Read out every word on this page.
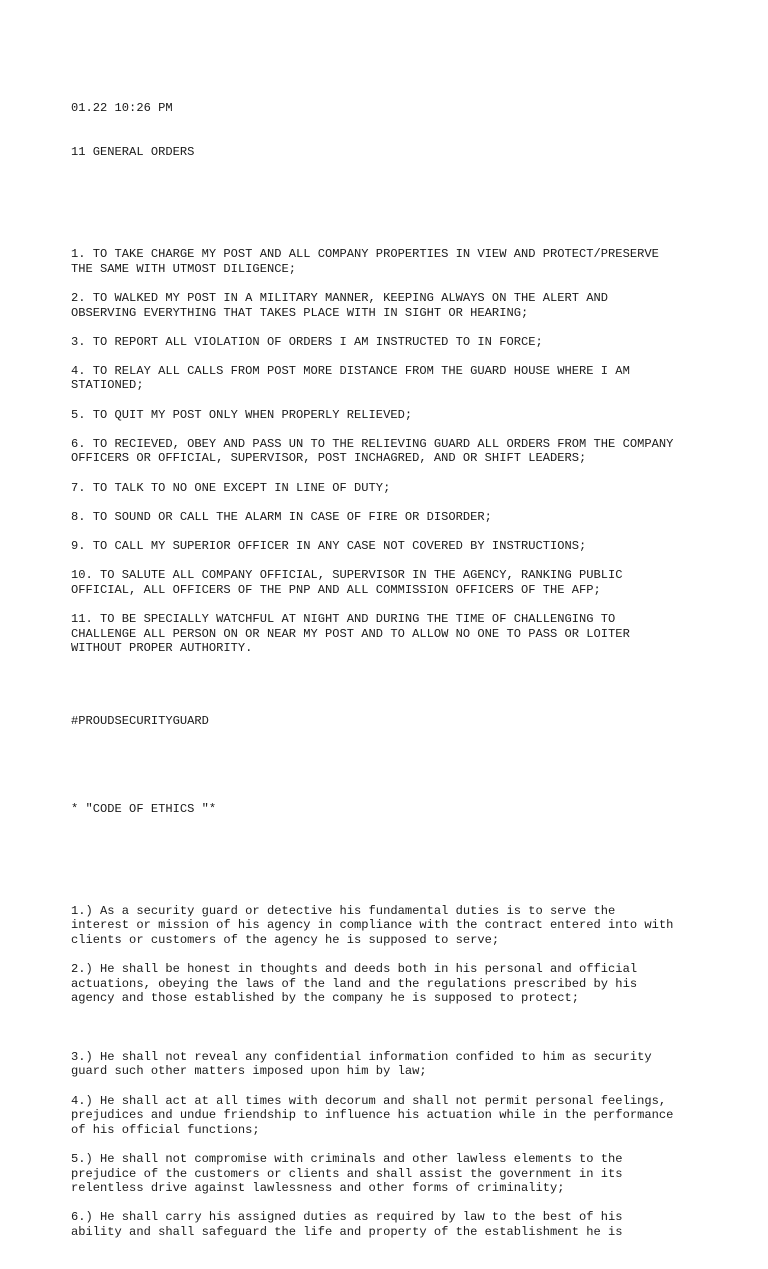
01.22 10:26 PM

11 GENERAL ORDERS

1. TO TAKE CHARGE MY POST AND ALL COMPANY PROPERTIES IN VIEW AND PROTECT/PRESERVE
THE SAME WITH UTMOST DILIGENCE;
2. TO WALKED MY POST IN A MILITARY MANNER, KEEPING ALWAYS ON THE ALERT AND
OBSERVING EVERYTHING THAT TAKES PLACE WITH IN SIGHT OR HEARING;
3. TO REPORT ALL VIOLATION OF ORDERS I AM INSTRUCTED TO IN FORCE;
4. TO RELAY ALL CALLS FROM POST MORE DISTANCE FROM THE GUARD HOUSE WHERE I AM
STATIONED;
5. TO QUIT MY POST ONLY WHEN PROPERLY RELIEVED;
6. TO RECIEVED, OBEY AND PASS UN TO THE RELIEVING GUARD ALL ORDERS FROM THE COMPANY
OFFICERS OR OFFICIAL, SUPERVISOR, POST INCHAGRED, AND OR SHIFT LEADERS;
7. TO TALK TO NO ONE EXCEPT IN LINE OF DUTY;
8. TO SOUND OR CALL THE ALARM IN CASE OF FIRE OR DISORDER;
9. TO CALL MY SUPERIOR OFFICER IN ANY CASE NOT COVERED BY INSTRUCTIONS;
10. TO SALUTE ALL COMPANY OFFICIAL, SUPERVISOR IN THE AGENCY, RANKING PUBLIC
OFFICIAL, ALL OFFICERS OF THE PNP AND ALL COMMISSION OFFICERS OF THE AFP;
11. TO BE SPECIALLY WATCHFUL AT NIGHT AND DURING THE TIME OF CHALLENGING TO
CHALLENGE ALL PERSON ON OR NEAR MY POST AND TO ALLOW NO ONE TO PASS OR LOITER
WITHOUT PROPER AUTHORITY.

#PROUDSECURITYGUARD

* "CODE OF ETHICS "*

1.) As a security guard or detective his fundamental duties is to serve the
interest or mission of his agency in compliance with the contract entered into with
clients or customers of the agency he is supposed to serve;
2.) He shall be honest in thoughts and deeds both in his personal and official
actuations, obeying the laws of the land and the regulations prescribed by his
agency and those established by the company he is supposed to protect;
3.) He shall not reveal any confidential information confided to him as security
guard such other matters imposed upon him by law;
4.) He shall act at all times with decorum and shall not permit personal feelings,
prejudices and undue friendship to influence his actuation while in the performance
of his official functions;
5.) He shall not compromise with criminals and other lawless elements to the
prejudice of the customers or clients and shall assist the government in its
relentless drive against lawlessness and other forms of criminality;
6.) He shall carry his assigned duties as required by law to the best of his
ability and shall safeguard the life and property of the establishment he is
